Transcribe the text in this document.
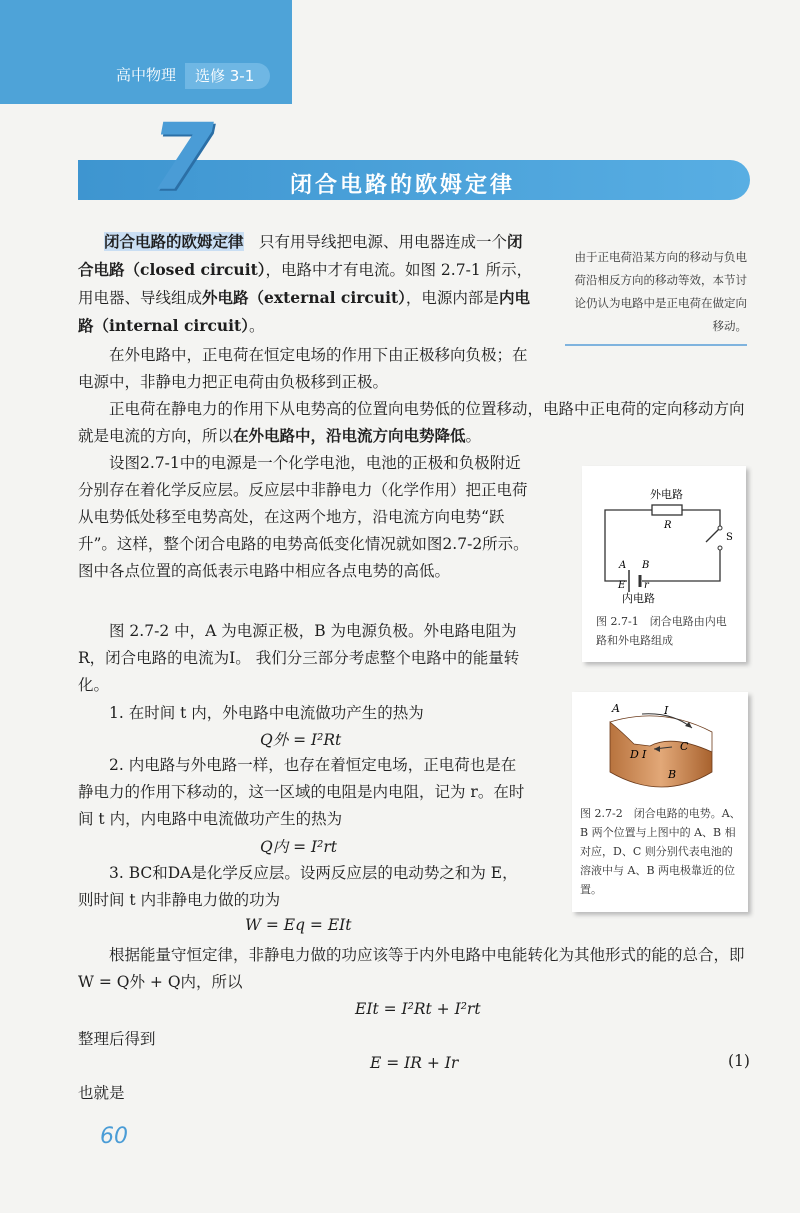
高中物理	选修 3-1
7	闭合电路的欧姆定律
由于正电荷沿某方向的移动与负电荷沿相反方向的移动等效，本节讨论仍认为电路中是正电荷在做定向移动。

闭合电路的欧姆定律　 只有用导线把电源、用电器连成一个闭合电路（closed circuit），电路中才有电流。如图 2.7-1 所示，用电器、导线组成外电路（external circuit），电源内部是内电路（internal circuit）。

在外电路中，正电荷在恒定电场的作用下由正极移向负极；在电源中，非静电力把正电荷由负极移到正极。

正电荷在静电力的作用下从电势高的位置向电势低的位置移动，电路中正电荷的定向移动方向就是电流的方向，所以在外电路中，沿电流方向电势降低。

设图2.7-1中的电源是一个化学电池，电池的正极和负极附近分别存在着化学反应层。反应层中非静电力（化学作用）把正电荷从电势低处移至电势高处，在这两个地方，沿电流方向电势“跃升”。这样，整个闭合电路的电势高低变化情况就如图2.7-2所示。图中各点位置的高低表示电路中相应各点电势的高低。

图 2.7-2 中，A 为电源正极，B 为电源负极。外电路电阻为R，闭合电路的电流为I。 我们分三部分考虑整个电路中的能量转化。

1. 在时间 t 内，外电路中电流做功产生的热为

Q外 = I²Rt

2. 内电路与外电路一样，也存在着恒定电场，正电荷也是在静电力的作用下移动的，这一区域的电阻是内电阻，记为 r。在时间 t 内，内电路中电流做功产生的热为

Q内 = I²rt

3. BC和DA是化学反应层。设两反应层的电动势之和为 E，则时间 t 内非静电力做的功为

W = Eq = EIt

根据能量守恒定律，非静电力做的功应该等于内外电路中电能转化为其他形式的能的总合，即 W = Q外 + Q内，所以

EIt = I²Rt + I²rt

整理后得到

E = IR + Ir	(1)

也就是

外电路
R
S
A B
E r
内电路
图 2.7-1　 闭合电路由内电路和外电路组成
A	I
C
D I
B
图 2.7-2　闭合电路的电势。A、B 两个位置与上图中的 A、B 相对应，D、C 则分别代表电池的溶液中与 A、B 两电极靠近的位置。
60
